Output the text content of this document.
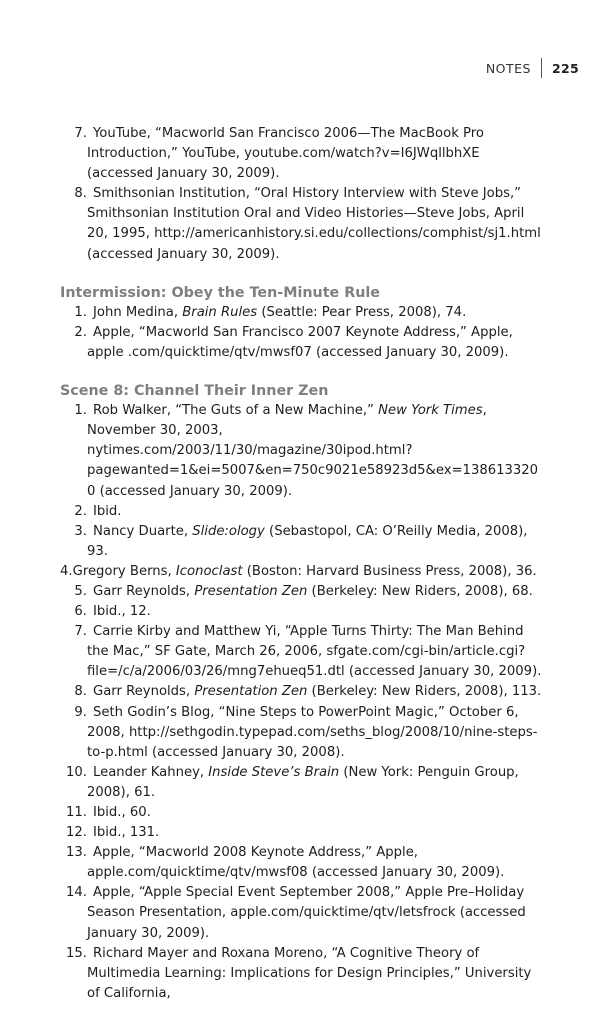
NOTES 225
7. YouTube, “Macworld San Francisco 2006—The MacBook Pro Introduction,” YouTube, youtube.com/watch?v=I6JWqllbhXE (accessed January 30, 2009).
8. Smithsonian Institution, “Oral History Interview with Steve Jobs,” Smithsonian Institution Oral and Video Histories—Steve Jobs, April 20, 1995, http://americanhistory.si.edu/collections/comphist/sj1.html (accessed January 30, 2009).
Intermission: Obey the Ten-Minute Rule
1. John Medina, Brain Rules (Seattle: Pear Press, 2008), 74.
2. Apple, “Macworld San Francisco 2007 Keynote Address,” Apple, apple .com/quicktime/qtv/mwsf07 (accessed January 30, 2009).
Scene 8: Channel Their Inner Zen
1. Rob Walker, “The Guts of a New Machine,” New York Times, November 30, 2003, nytimes.com/2003/11/30/magazine/30ipod.html?pagewanted=1&ei=5007&en=750c9021e58923d5&ex=1386133200 (accessed January 30, 2009).
2. Ibid.
3. Nancy Duarte, Slide:ology (Sebastopol, CA: O’Reilly Media, 2008), 93.
4. Gregory Berns, Iconoclast (Boston: Harvard Business Press, 2008), 36.
5. Garr Reynolds, Presentation Zen (Berkeley: New Riders, 2008), 68.
6. Ibid., 12.
7. Carrie Kirby and Matthew Yi, “Apple Turns Thirty: The Man Behind the Mac,” SF Gate, March 26, 2006, sfgate.com/cgi-bin/article.cgi?file=/c/a/2006/03/26/mng7ehueq51.dtl (accessed January 30, 2009).
8. Garr Reynolds, Presentation Zen (Berkeley: New Riders, 2008), 113.
9. Seth Godin’s Blog, “Nine Steps to PowerPoint Magic,” October 6, 2008, http://sethgodin.typepad.com/seths_blog/2008/10/nine-steps-to-p.html (accessed January 30, 2008).
10. Leander Kahney, Inside Steve’s Brain (New York: Penguin Group, 2008), 61.
11. Ibid., 60.
12. Ibid., 131.
13. Apple, “Macworld 2008 Keynote Address,” Apple, apple.com/quicktime/qtv/mwsf08 (accessed January 30, 2009).
14. Apple, “Apple Special Event September 2008,” Apple Pre–Holiday Season Presentation, apple.com/quicktime/qtv/letsfrock (accessed January 30, 2009).
15. Richard Mayer and Roxana Moreno, “A Cognitive Theory of Multimedia Learning: Implications for Design Principles,” University of California,
